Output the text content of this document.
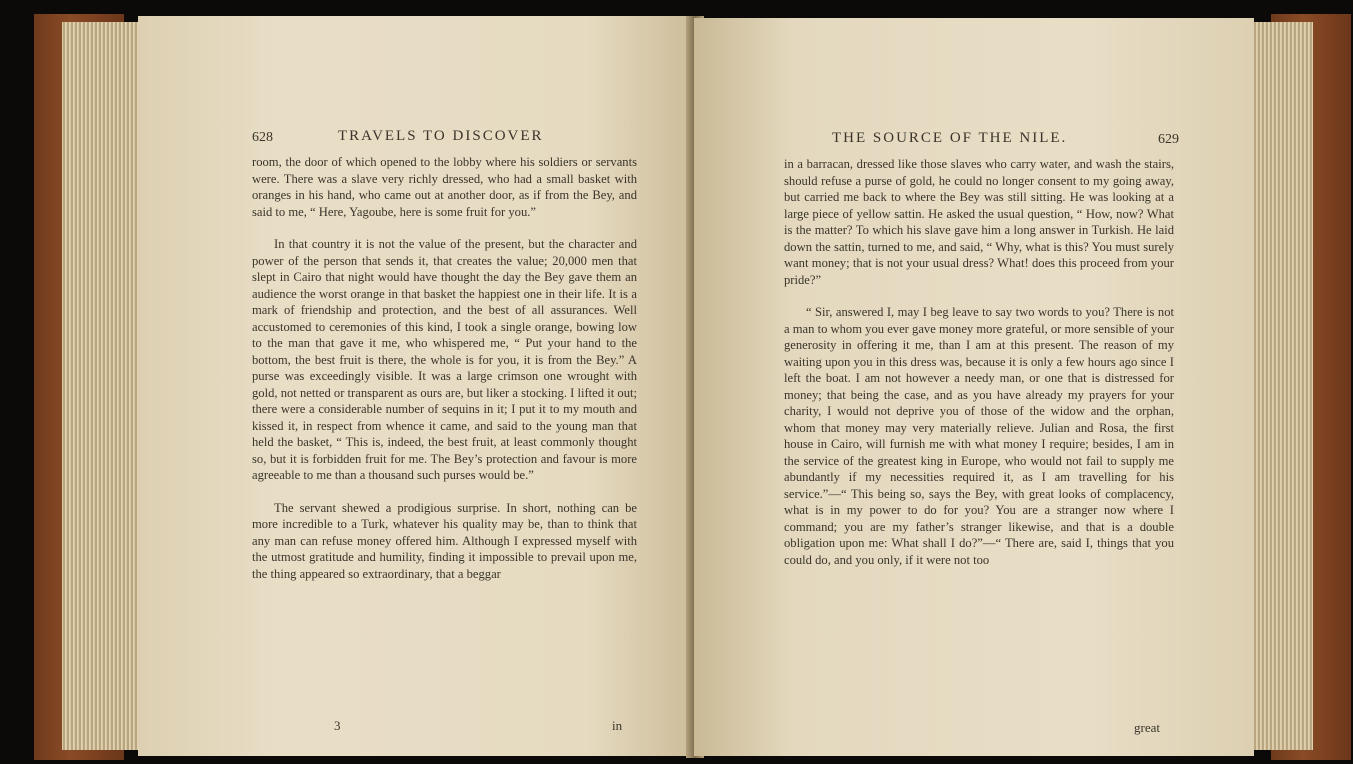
628	TRAVELS TO DISCOVER

room, the door of which opened to the lobby where his soldiers or servants were. There was a slave very richly dressed, who had a small basket with oranges in his hand, who came out at another door, as if from the Bey, and said to me, “ Here, Yagoube, here is some fruit for you.”

In that country it is not the value of the present, but the character and power of the person that sends it, that creates the value; 20,000 men that slept in Cairo that night would have thought the day the Bey gave them an audience the worst orange in that basket the happiest one in their life. It is a mark of friendship and protection, and the best of all assurances. Well accustomed to ceremonies of this kind, I took a single orange, bowing low to the man that gave it me, who whispered me, “ Put your hand to the bottom, the best fruit is there, the whole is for you, it is from the Bey.” A purse was exceedingly visible. It was a large crimson one wrought with gold, not netted or transparent as ours are, but liker a stocking. I lifted it out; there were a considerable number of sequins in it; I put it to my mouth and kissed it, in respect from whence it came, and said to the young man that held the basket, “ This is, indeed, the best fruit, at least commonly thought so, but it is forbidden fruit for me. The Bey’s protection and favour is more agreeable to me than a thousand such purses would be.”

The servant shewed a prodigious surprise. In short, nothing can be more incredible to a Turk, whatever his quality may be, than to think that any man can refuse money offered him. Although I expressed myself with the utmost gratitude and humility, finding it impossible to prevail upon me, the thing appeared so extraordinary, that a beggar

3	in
THE SOURCE OF THE NILE.	629

in a barracan, dressed like those slaves who carry water, and wash the stairs, should refuse a purse of gold, he could no longer consent to my going away, but carried me back to where the Bey was still sitting. He was looking at a large piece of yellow sattin. He asked the usual question, “ How, now? What is the matter? To which his slave gave him a long answer in Turkish. He laid down the sattin, turned to me, and said, “ Why, what is this? You must surely want money; that is not your usual dress? What! does this proceed from your pride?”

“ Sir, answered I, may I beg leave to say two words to you? There is not a man to whom you ever gave money more grateful, or more sensible of your generosity in offering it me, than I am at this present. The reason of my waiting upon you in this dress was, because it is only a few hours ago since I left the boat. I am not however a needy man, or one that is distressed for money; that being the case, and as you have already my prayers for your charity, I would not deprive you of those of the widow and the orphan, whom that money may very materially relieve. Julian and Rosa, the first house in Cairo, will furnish me with what money I require; besides, I am in the service of the greatest king in Europe, who would not fail to supply me abundantly if my necessities required it, as I am travelling for his service.”—“ This being so, says the Bey, with great looks of complacency, what is in my power to do for you? You are a stranger now where I command; you are my father’s stranger likewise, and that is a double obligation upon me: What shall I do?”—“ There are, said I, things that you could do, and you only, if it were not too

great
